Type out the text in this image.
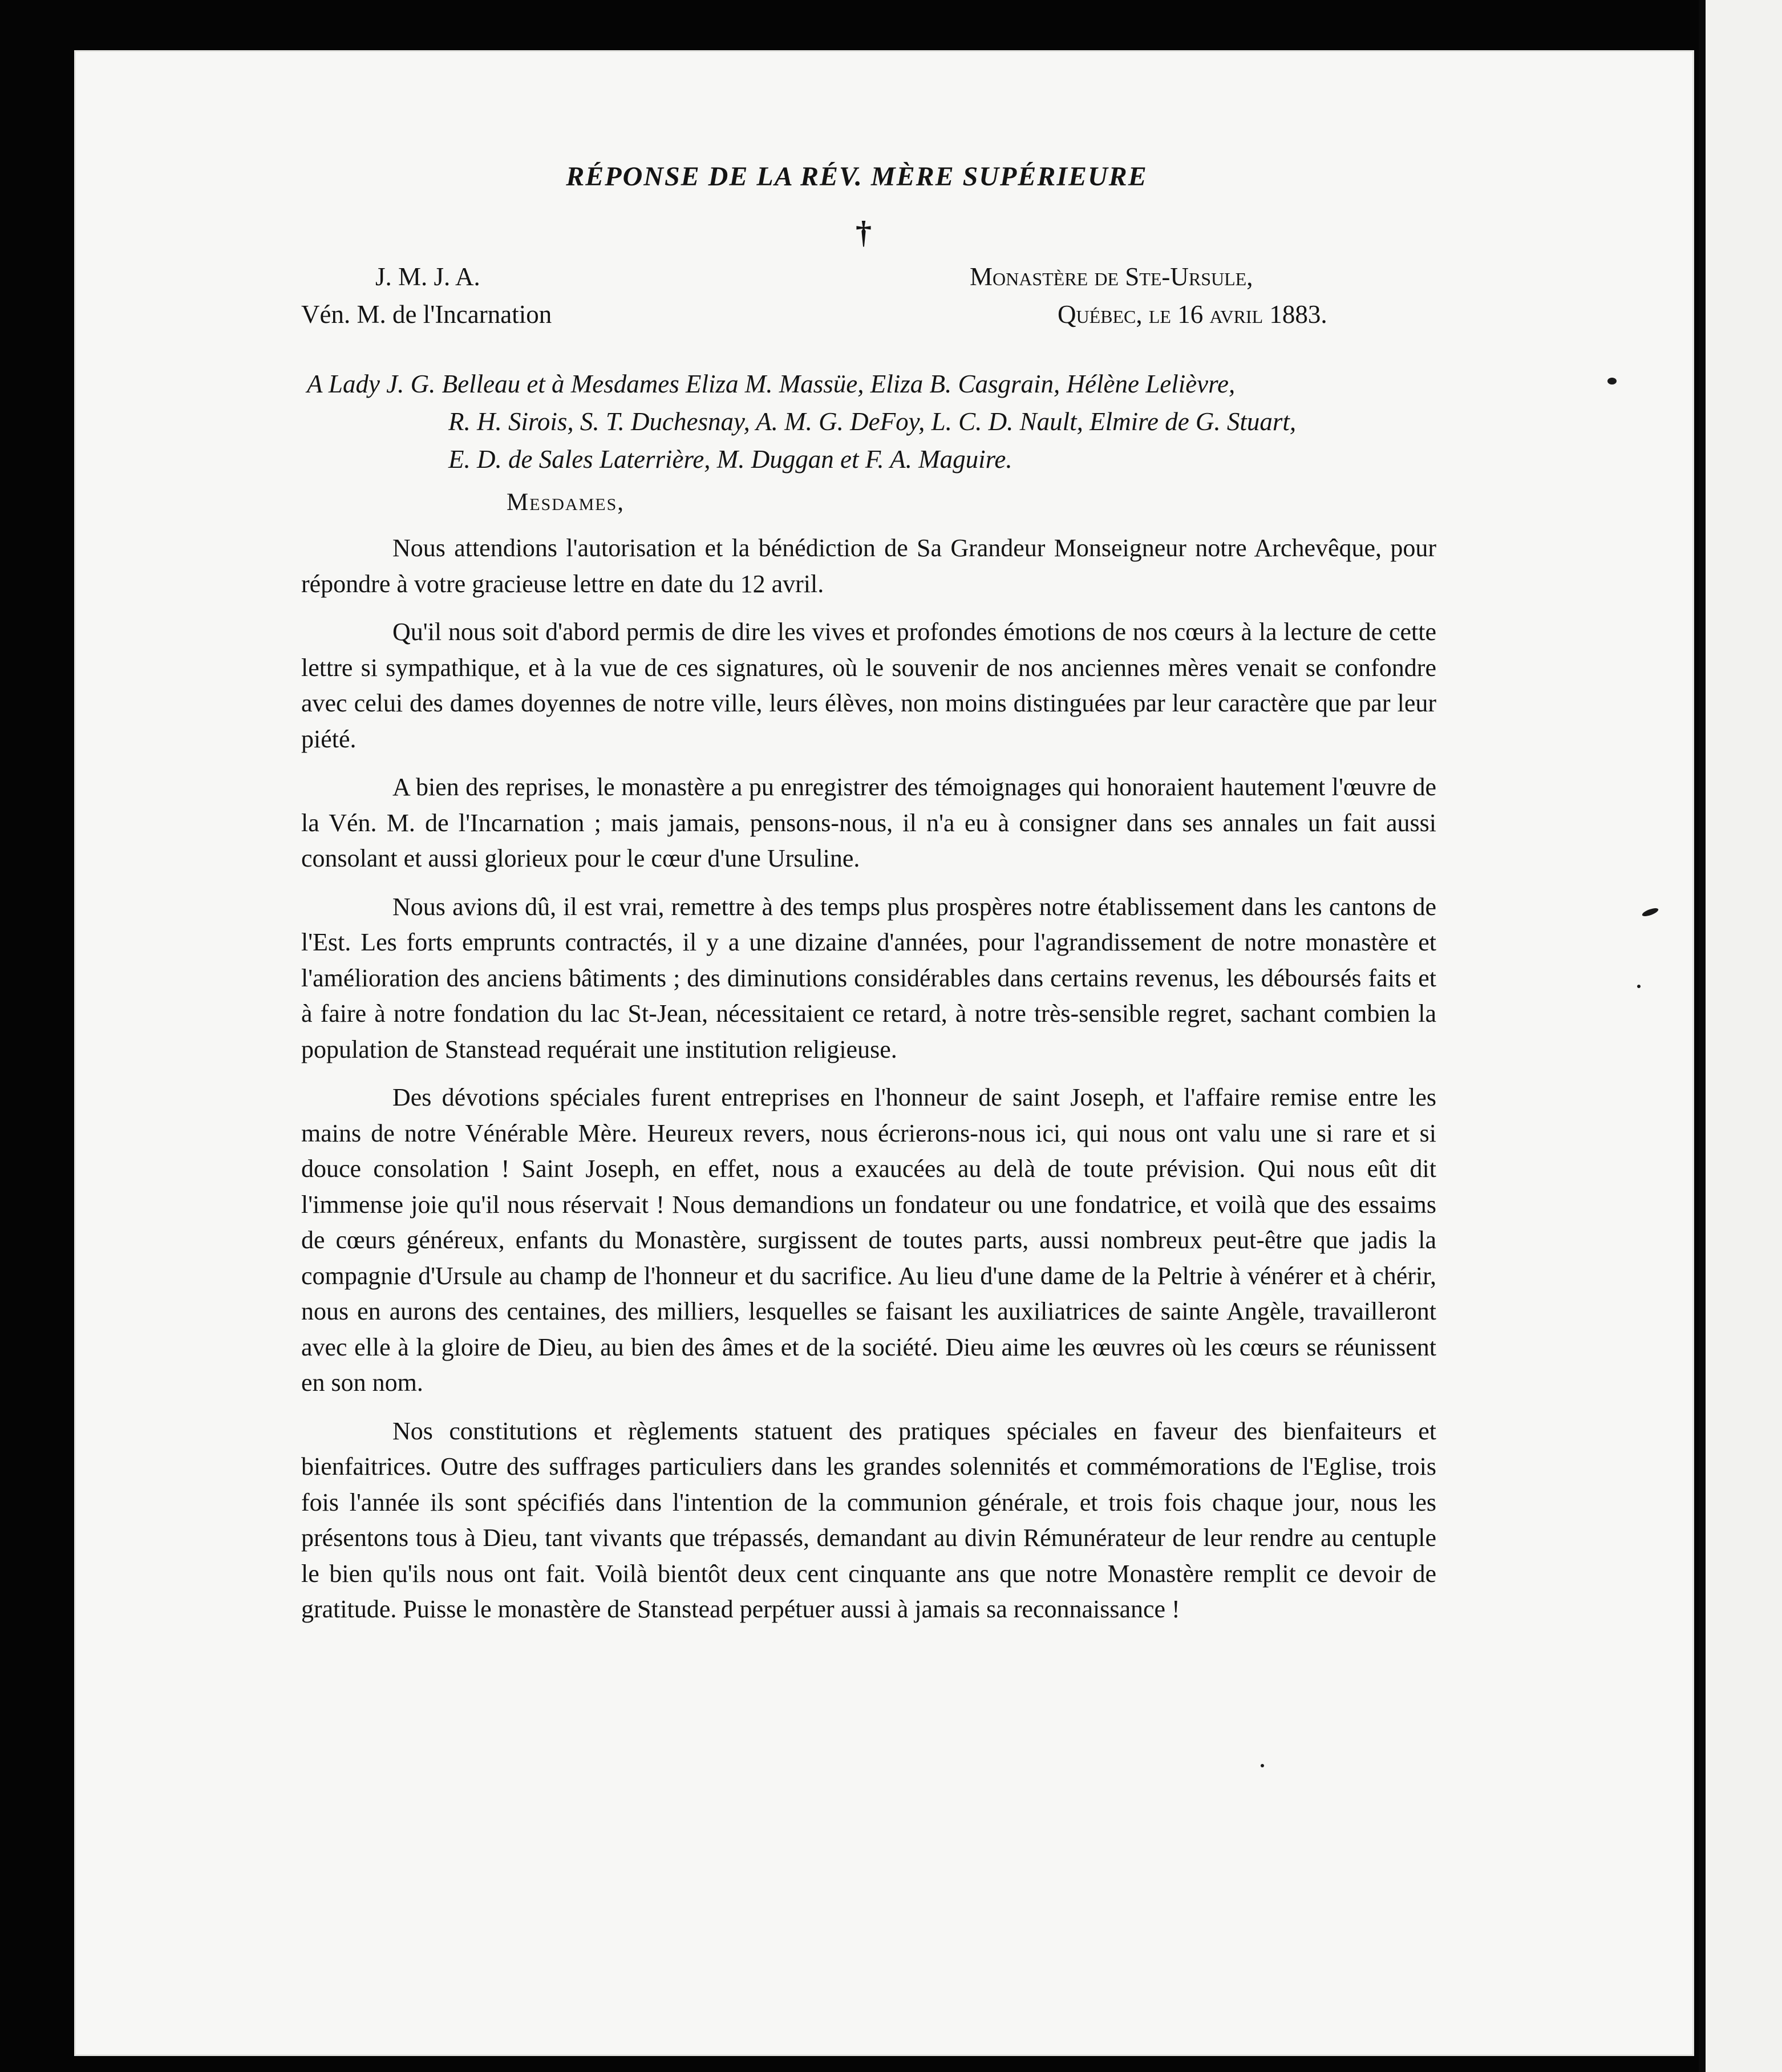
RÉPONSE DE LA RÉV. MÈRE SUPÉRIEURE
†
J. M. J. A.
Vén. M. de l'Incarnation
Monastère de Ste-Ursule,
Québec, le 16 avril 1883.
A Lady J. G. Belleau et à Mesdames Eliza M. Massüe, Eliza B. Casgrain, Hélène Lelièvre,
R. H. Sirois, S. T. Duchesnay, A. M. G. DeFoy, L. C. D. Nault, Elmire de G. Stuart,
E. D. de Sales Laterrière, M. Duggan et F. A. Maguire.
Mesdames,

Nous attendions l'autorisation et la bénédiction de Sa Grandeur Monseigneur notre Archevêque, pour répondre à votre gracieuse lettre en date du 12 avril.

Qu'il nous soit d'abord permis de dire les vives et profondes émotions de nos cœurs à la lecture de cette lettre si sympathique, et à la vue de ces signatures, où le souvenir de nos anciennes mères venait se confondre avec celui des dames doyennes de notre ville, leurs élèves, non moins distinguées par leur caractère que par leur piété.

A bien des reprises, le monastère a pu enregistrer des témoignages qui honoraient hautement l'œuvre de la Vén. M. de l'Incarnation ; mais jamais, pensons-nous, il n'a eu à consigner dans ses annales un fait aussi consolant et aussi glorieux pour le cœur d'une Ursuline.

Nous avions dû, il est vrai, remettre à des temps plus prospères notre établissement dans les cantons de l'Est. Les forts emprunts contractés, il y a une dizaine d'années, pour l'agrandissement de notre monastère et l'amélioration des anciens bâtiments ; des diminutions considérables dans certains revenus, les déboursés faits et à faire à notre fondation du lac St-Jean, nécessitaient ce retard, à notre très-sensible regret, sachant combien la population de Stanstead requérait une institution religieuse.

Des dévotions spéciales furent entreprises en l'honneur de saint Joseph, et l'affaire remise entre les mains de notre Vénérable Mère. Heureux revers, nous écrierons-nous ici, qui nous ont valu une si rare et si douce consolation ! Saint Joseph, en effet, nous a exaucées au delà de toute prévision. Qui nous eût dit l'immense joie qu'il nous réservait ! Nous demandions un fondateur ou une fondatrice, et voilà que des essaims de cœurs généreux, enfants du Monastère, surgissent de toutes parts, aussi nombreux peut-être que jadis la compagnie d'Ursule au champ de l'honneur et du sacrifice. Au lieu d'une dame de la Peltrie à vénérer et à chérir, nous en aurons des centaines, des milliers, lesquelles se faisant les auxiliatrices de sainte Angèle, travailleront avec elle à la gloire de Dieu, au bien des âmes et de la société. Dieu aime les œuvres où les cœurs se réunissent en son nom.

Nos constitutions et règlements statuent des pratiques spéciales en faveur des bienfaiteurs et bienfaitrices. Outre des suffrages particuliers dans les grandes solennités et commémorations de l'Eglise, trois fois l'année ils sont spécifiés dans l'intention de la communion générale, et trois fois chaque jour, nous les présentons tous à Dieu, tant vivants que trépassés, demandant au divin Rémunérateur de leur rendre au centuple le bien qu'ils nous ont fait. Voilà bientôt deux cent cinquante ans que notre Monastère remplit ce devoir de gratitude. Puisse le monastère de Stanstead perpétuer aussi à jamais sa reconnaissance !
